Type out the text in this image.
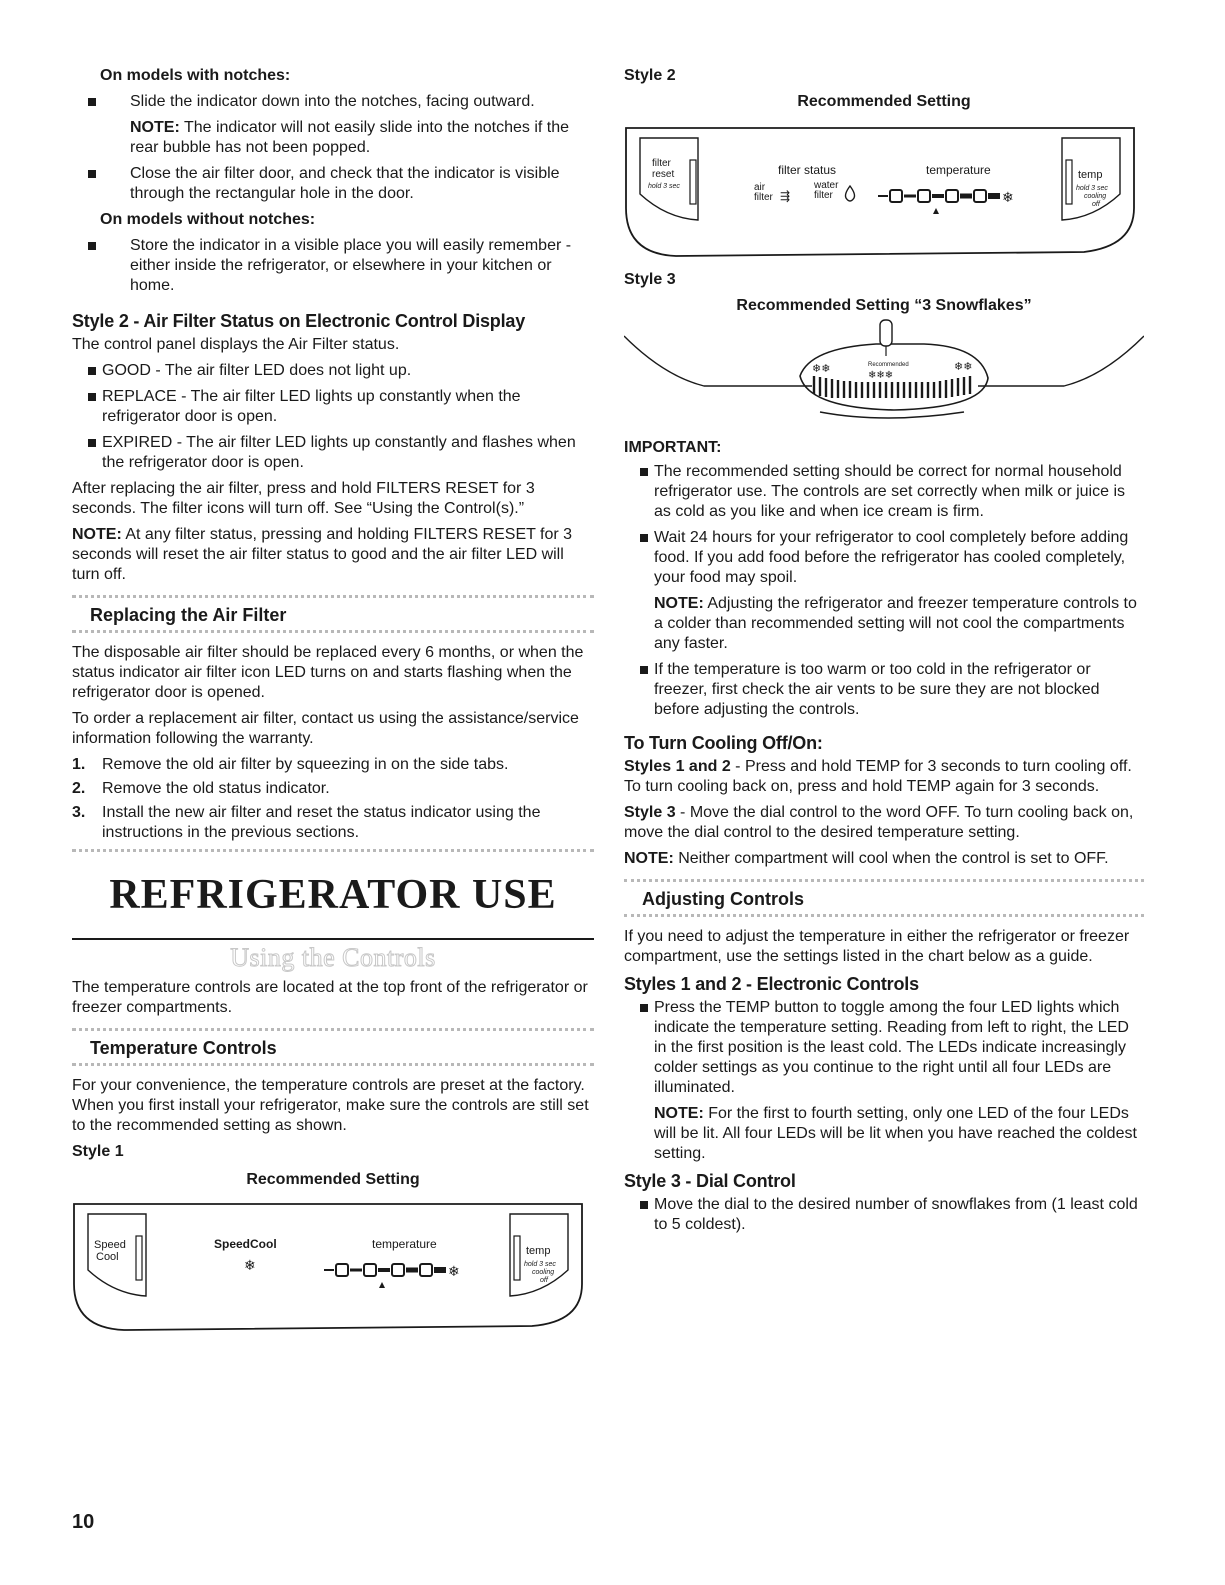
On models with notches:

Slide the indicator down into the notches, facing outward.

NOTE: The indicator will not easily slide into the notches if the rear bubble has not been popped.

Close the air filter door, and check that the indicator is visible through the rectangular hole in the door.

On models without notches:

Store the indicator in a visible place you will easily remember - either inside the refrigerator, or elsewhere in your kitchen or home.

Style 2 - Air Filter Status on Electronic Control Display

The control panel displays the Air Filter status.

GOOD - The air filter LED does not light up.

REPLACE - The air filter LED lights up constantly when the refrigerator door is open.

EXPIRED - The air filter LED lights up constantly and flashes when the refrigerator door is open.

After replacing the air filter, press and hold FILTERS RESET for 3 seconds. The filter icons will turn off. See “Using the Control(s).”

NOTE: At any filter status, pressing and holding FILTERS RESET for 3 seconds will reset the air filter status to good and the air filter LED will turn off.

Replacing the Air Filter

The disposable air filter should be replaced every 6 months, or when the status indicator air filter icon LED turns on and starts flashing when the refrigerator door is opened.

To order a replacement air filter, contact us using the assistance/service information following the warranty.

1. Remove the old air filter by squeezing in on the side tabs.
2. Remove the old status indicator.
3. Install the new air filter and reset the status indicator using the instructions in the previous sections.
REFRIGERATOR USE
Using the Controls

The temperature controls are located at the top front of the refrigerator or freezer compartments.

Temperature Controls

For your convenience, the temperature controls are preset at the factory. When you first install your refrigerator, make sure the controls are still set to the recommended setting as shown.

Style 1

Recommended Setting

Speed
Cool
SpeedCool
❄
temperature
❄
temp
hold 3 sec
cooling
off

Style 2

Recommended Setting

filter
reset
hold 3 sec
filter status
air
filter ⇶
water
filter
temperature
❄
temp
hold 3 sec
cooling
off

Style 3

Recommended Setting “3 Snowflakes”

❄❄
❄❄❄
❄❄
Recommended

IMPORTANT:

The recommended setting should be correct for normal household refrigerator use. The controls are set correctly when milk or juice is as cold as you like and when ice cream is firm.

Wait 24 hours for your refrigerator to cool completely before adding food. If you add food before the refrigerator has cooled completely, your food may spoil.

NOTE: Adjusting the refrigerator and freezer temperature controls to a colder than recommended setting will not cool the compartments any faster.

If the temperature is too warm or too cold in the refrigerator or freezer, first check the air vents to be sure they are not blocked before adjusting the controls.

To Turn Cooling Off/On:

Styles 1 and 2 - Press and hold TEMP for 3 seconds to turn cooling off. To turn cooling back on, press and hold TEMP again for 3 seconds.

Style 3 - Move the dial control to the word OFF. To turn cooling back on, move the dial control to the desired temperature setting.

NOTE: Neither compartment will cool when the control is set to OFF.

Adjusting Controls

If you need to adjust the temperature in either the refrigerator or freezer compartment, use the settings listed in the chart below as a guide.

Styles 1 and 2 - Electronic Controls

Press the TEMP button to toggle among the four LED lights which indicate the temperature setting. Reading from left to right, the LED in the first position is the least cold. The LEDs indicate increasingly colder settings as you continue to the right until all four LEDs are illuminated.

NOTE: For the first to fourth setting, only one LED of the four LEDs will be lit. All four LEDs will be lit when you have reached the coldest setting.

Style 3 - Dial Control

Move the dial to the desired number of snowflakes from (1 least cold to 5 coldest).

10
